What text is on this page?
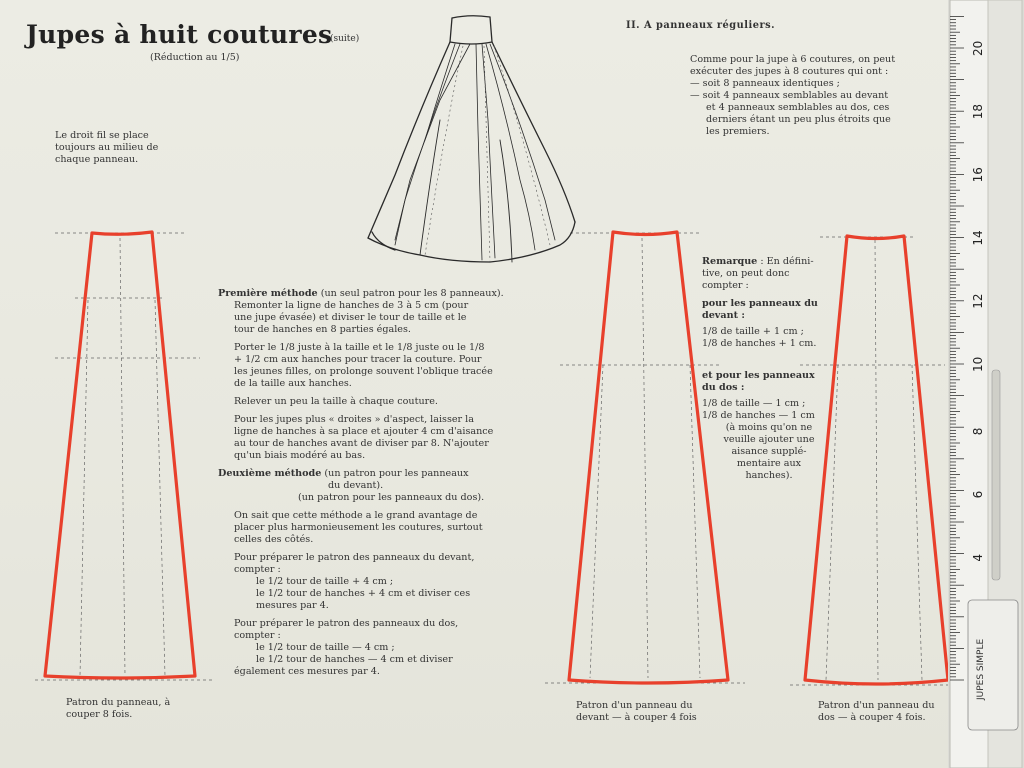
Jupes à huit coutures
(suite)
(Réduction au 1/5)

Le droit fil se place

toujours au milieu de

chaque panneau.

II. A panneaux réguliers.

Comme pour la jupe à 6 coutures, on peut

exécuter des jupes à 8 coutures qui ont :

— soit 8 panneaux identiques ;

— soit 4 panneaux semblables au devant

et 4 panneaux semblables au dos, ces

derniers étant un peu plus étroits que

les premiers.

Première méthode (un seul patron pour les 8 panneaux).

Remonter la ligne de hanches de 3 à 5 cm (pour

une jupe évasée) et diviser le tour de taille et le

tour de hanches en 8 parties égales.

Porter le 1/8 juste à la taille et le 1/8 juste ou le 1/8

+ 1/2 cm aux hanches pour tracer la couture. Pour

les jeunes filles, on prolonge souvent l'oblique tracée

de la taille aux hanches.

Relever un peu la taille à chaque couture.

Pour les jupes plus « droites » d'aspect, laisser la

ligne de hanches à sa place et ajouter 4 cm d'aisance

au tour de hanches avant de diviser par 8. N'ajouter

qu'un biais modéré au bas.

Deuxième méthode (un patron pour les panneaux

du devant).

(un patron pour les panneaux du dos).

On sait que cette méthode a le grand avantage de

placer plus harmonieusement les coutures, surtout

celles des côtés.

Pour préparer le patron des panneaux du devant,

compter :

le 1/2 tour de taille + 4 cm ;

le 1/2 tour de hanches + 4 cm et diviser ces

mesures par 4.

Pour préparer le patron des panneaux du dos,

compter :

le 1/2 tour de taille — 4 cm ;

le 1/2 tour de hanches — 4 cm et diviser

également ces mesures par 4.

Remarque : En défini-

tive, on peut donc

compter :

pour les panneaux du

devant :

1/8 de taille + 1 cm ;

1/8 de hanches + 1 cm.

et pour les panneaux

du dos :

1/8 de taille — 1 cm ;

1/8 de hanches — 1 cm

(à moins qu'on ne

veuille ajouter une

aisance supplé-

mentaire aux

hanches).

Patron du panneau, à

couper 8 fois.

Patron d'un panneau du

devant — à couper 4 fois

Patron d'un panneau du

dos — à couper 4 fois.

20
18
16
14
12
10
8
6
4
JUPES SIMPLE
